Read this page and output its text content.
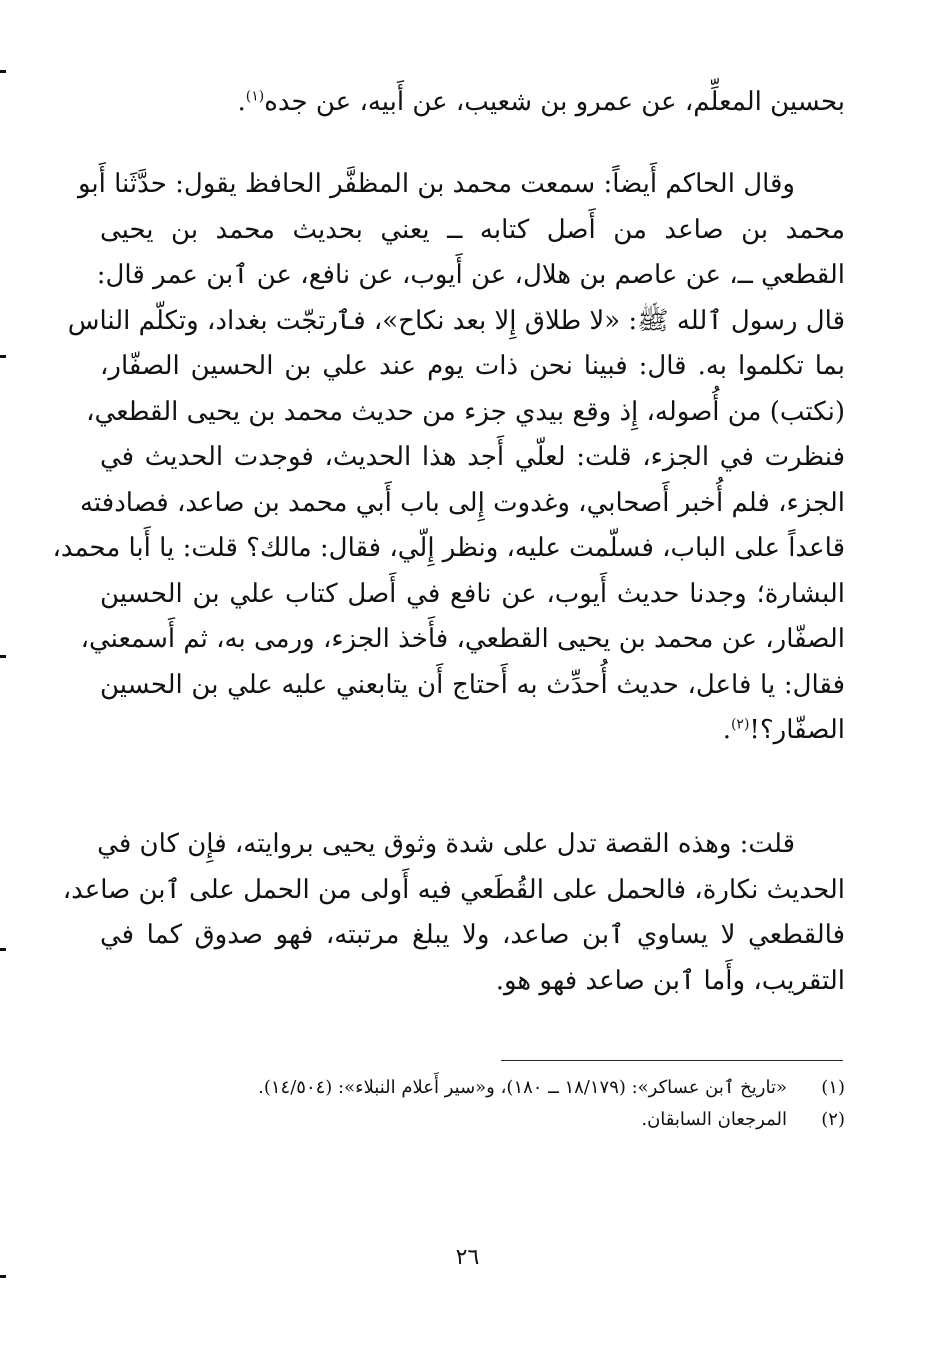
بحسين المعلِّم، عن عمرو بن شعيب، عن أَبيه، عن جده$^{(١)}$.

وقال الحاكم أَيضاً: سمعت محمد بن المظفَّر الحافظ يقول: حدَّثَنا أَبو
محمد بن صاعد من أَصل كتابه ــ يعني بحديث محمد بن يحيى
القطعي ــ، عن عاصم بن هلال، عن أَيوب، عن نافع، عن ٱبن عمر قال:
قال رسول ٱلله ﷺ: «لا طلاق إِلا بعد نكاح»، فٱرتجّت بغداد، وتكلّم الناس
بما تكلموا به. قال: فبينا نحن ذات يوم عند علي بن الحسين الصفّار،
(نكتب) من أُصوله، إِذ وقع بيدي جزء من حديث محمد بن يحيى القطعي،
فنظرت في الجزء، قلت: لعلّي أَجد هذا الحديث، فوجدت الحديث في
الجزء، فلم أُخبر أَصحابي، وغدوت إِلى باب أَبي محمد بن صاعد، فصادفته
قاعداً على الباب، فسلّمت عليه، ونظر إِلّي، فقال: مالك؟ قلت: يا أَبا محمد،
البشارة؛ وجدنا حديث أَيوب، عن نافع في أَصل كتاب علي بن الحسين
الصفّار، عن محمد بن يحيى القطعي، فأَخذ الجزء، ورمى به، ثم أَسمعني،
فقال: يا فاعل، حديث أُحدِّث به أَحتاج أَن يتابعني عليه علي بن الحسين
الصفّار؟!$^{(٢)}$.

قلت: وهذه القصة تدل على شدة وثوق يحيى بروايته، فإِن كان في
الحديث نكارة، فالحمل على القُطَعي فيه أَولى من الحمل على ٱبن صاعد،
فالقطعي لا يساوي ٱبن صاعد، ولا يبلغ مرتبته، فهو صدوق كما في
التقريب، وأَما ٱبن صاعد فهو هو.

(١)«تاريخ ٱبن عساكر»: (١٨/١٧٩ ــ ١٨٠)، و«سير أَعلام النبلاء»: (١٤/٥٠٤).
(٢)المرجعان السابقان.
٢٦
